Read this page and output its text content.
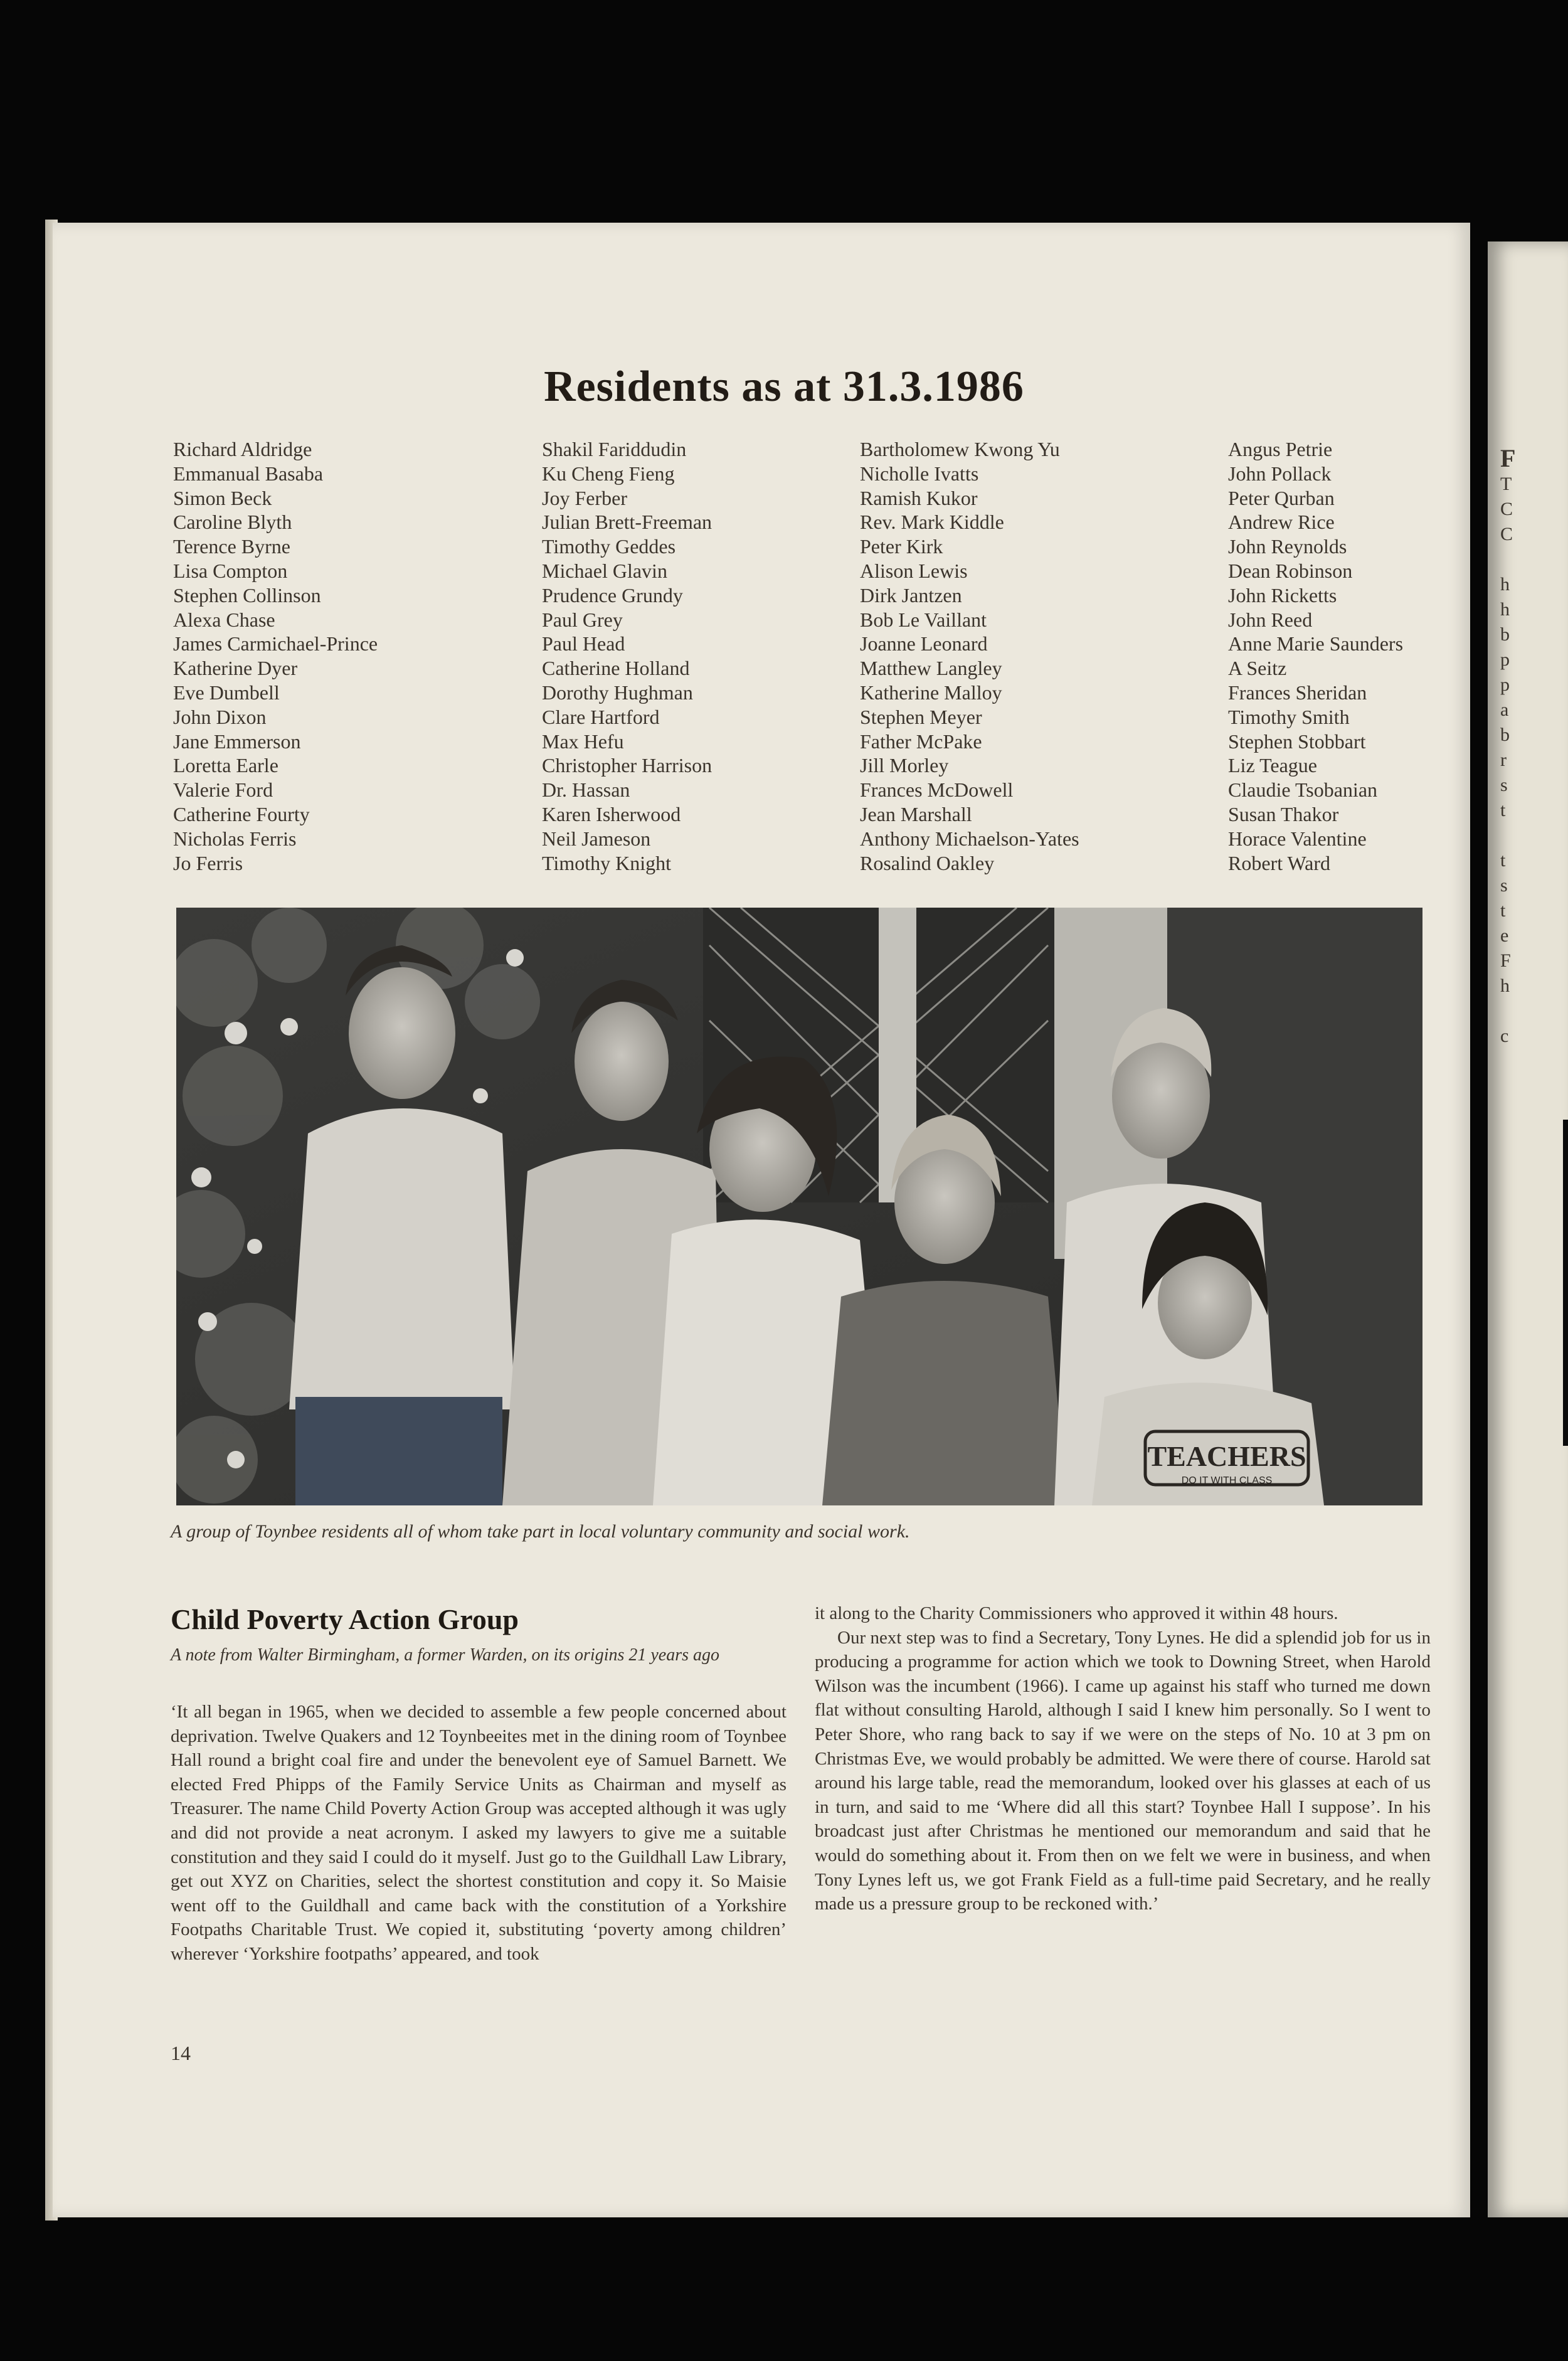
F
T
C
C
h
h
b
p
p
a
b
r
s
t
t
s
t
e
F
h
c
Residents as at 31.3.1986
Richard Aldridge
Emmanual Basaba
Simon Beck
Caroline Blyth
Terence Byrne
Lisa Compton
Stephen Collinson
Alexa Chase
James Carmichael-Prince
Katherine Dyer
Eve Dumbell
John Dixon
Jane Emmerson
Loretta Earle
Valerie Ford
Catherine Fourty
Nicholas Ferris
Jo Ferris
Shakil Fariddudin
Ku Cheng Fieng
Joy Ferber
Julian Brett-Freeman
Timothy Geddes
Michael Glavin
Prudence Grundy
Paul Grey
Paul Head
Catherine Holland
Dorothy Hughman
Clare Hartford
Max Hefu
Christopher Harrison
Dr. Hassan
Karen Isherwood
Neil Jameson
Timothy Knight
Bartholomew Kwong Yu
Nicholle Ivatts
Ramish Kukor
Rev. Mark Kiddle
Peter Kirk
Alison Lewis
Dirk Jantzen
Bob Le Vaillant
Joanne Leonard
Matthew Langley
Katherine Malloy
Stephen Meyer
Father McPake
Jill Morley
Frances McDowell
Jean Marshall
Anthony Michaelson-Yates
Rosalind Oakley
Angus Petrie
John Pollack
Peter Qurban
Andrew Rice
John Reynolds
Dean Robinson
John Ricketts
John Reed
Anne Marie Saunders
A Seitz
Frances Sheridan
Timothy Smith
Stephen Stobbart
Liz Teague
Claudie Tsobanian
Susan Thakor
Horace Valentine
Robert Ward
TEACHERS
DO IT WITH CLASS
A group of Toynbee residents all of whom take part in local voluntary community and social work.
Child Poverty Action Group
A note from Walter Birmingham, a former Warden, on its origins 21 years ago

‘It all began in 1965, when we decided to assemble a few people concerned about deprivation. Twelve Quakers and 12 Toynbeeites met in the dining room of Toynbee Hall round a bright coal fire and under the benevolent eye of Samuel Barnett. We elected Fred Phipps of the Family Service Units as Chairman and myself as Treasurer. The name Child Poverty Action Group was accepted although it was ugly and did not provide a neat acronym. I asked my lawyers to give me a suitable constitution and they said I could do it myself. Just go to the Guildhall Law Library, get out XYZ on Charities, select the shortest constitution and copy it. So Maisie went off to the Guildhall and came back with the constitution of a Yorkshire Footpaths Charitable Trust. We copied it, substituting ‘poverty among children’ wherever ‘Yorkshire footpaths’ appeared, and took

it along to the Charity Commissioners who approved it within 48 hours.

Our next step was to find a Secretary, Tony Lynes. He did a splendid job for us in producing a programme for action which we took to Downing Street, when Harold Wilson was the incumbent (1966). I came up against his staff who turned me down flat without consulting Harold, although I said I knew him personally. So I went to Peter Shore, who rang back to say if we were on the steps of No. 10 at 3 pm on Christmas Eve, we would probably be admitted. We were there of course. Harold sat around his large table, read the memorandum, looked over his glasses at each of us in turn, and said to me ‘Where did all this start? Toynbee Hall I suppose’. In his broadcast just after Christmas he mentioned our memorandum and said that he would do something about it. From then on we felt we were in business, and when Tony Lynes left us, we got Frank Field as a full-time paid Secretary, and he really made us a pressure group to be reckoned with.’

14
